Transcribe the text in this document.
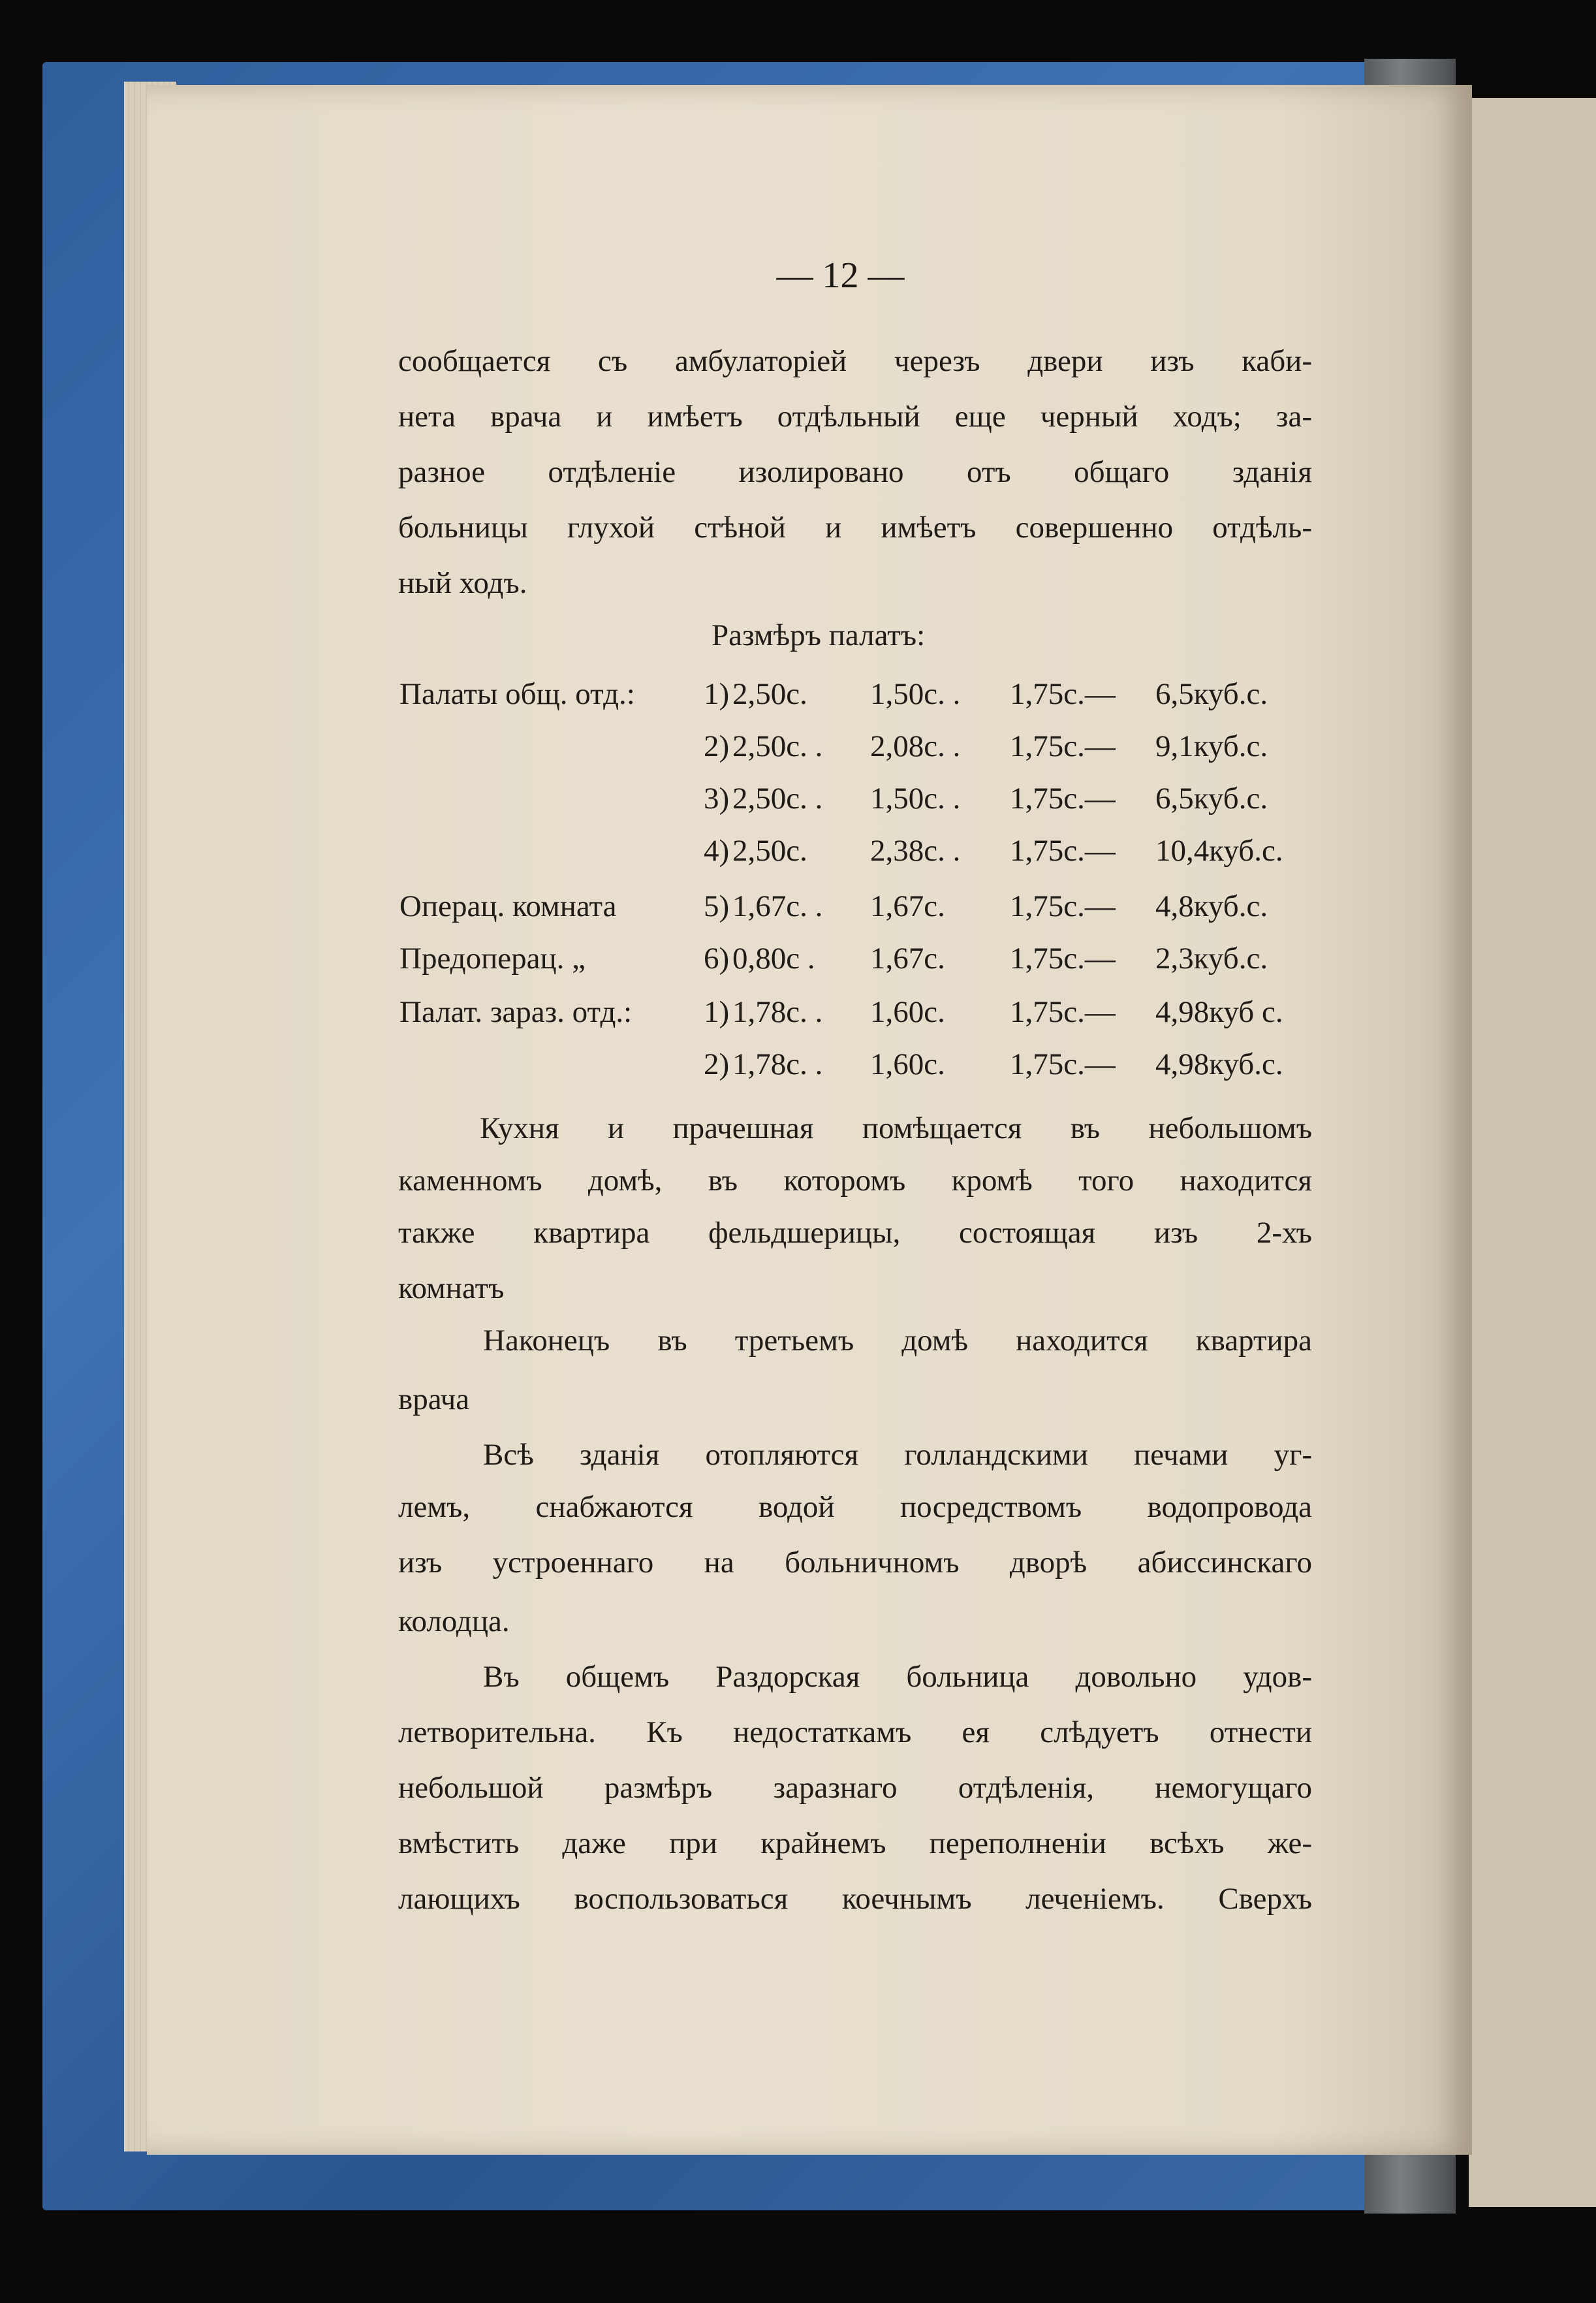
— 12 —
сообщается съ амбулаторіей черезъ двери изъ каби-
нета врача и имѣетъ отдѣльный еще черный ходъ; за-
разное отдѣленіе изолировано отъ общаго зданія
больницы глухой стѣной и имѣетъ совершенно отдѣль-
ный ходъ.
Размѣръ палатъ:
Палаты общ. отд.: 1) 2,50с. 1,50с. . 1,75с.— 6,5куб.с.
2) 2,50с. . 2,08с. . 1,75с.— 9,1куб.с.
3) 2,50с. . 1,50с. . 1,75с.— 6,5куб.с.
4) 2,50с. 2,38с. . 1,75с.— 10,4куб.с.
Операц. комната	5) 1,67с. . 1,67с. 1,75с.— 4,8куб.с.
Предоперац. „	6) 0,80с . 1,67с. 1,75с.— 2,3куб.с.
Палат. зараз. отд.: 1) 1,78с. . 1,60с. 1,75с.— 4,98куб с.
2) 1,78с. . 1,60с. 1,75с.— 4,98куб.с.
Кухня и прачешная помѣщается въ небольшомъ
каменномъ домѣ, въ которомъ кромѣ того находится
также квартира фельдшерицы, состоящая изъ 2-хъ
комнатъ
Наконецъ въ третьемъ домѣ находится квартира
врача
Всѣ зданія отопляются голландскими печами уг-
лемъ, снабжаются водой посредствомъ водопровода
изъ устроеннаго на больничномъ дворѣ абиссинскаго
колодца.
Въ общемъ Раздорская больница довольно удов-
летворительна. Къ недостаткамъ ея слѣдуетъ отнести
небольшой размѣръ заразнаго отдѣленія, немогущаго
вмѣстить даже при крайнемъ переполненіи всѣхъ же-
лающихъ воспользоваться коечнымъ леченіемъ. Сверхъ
